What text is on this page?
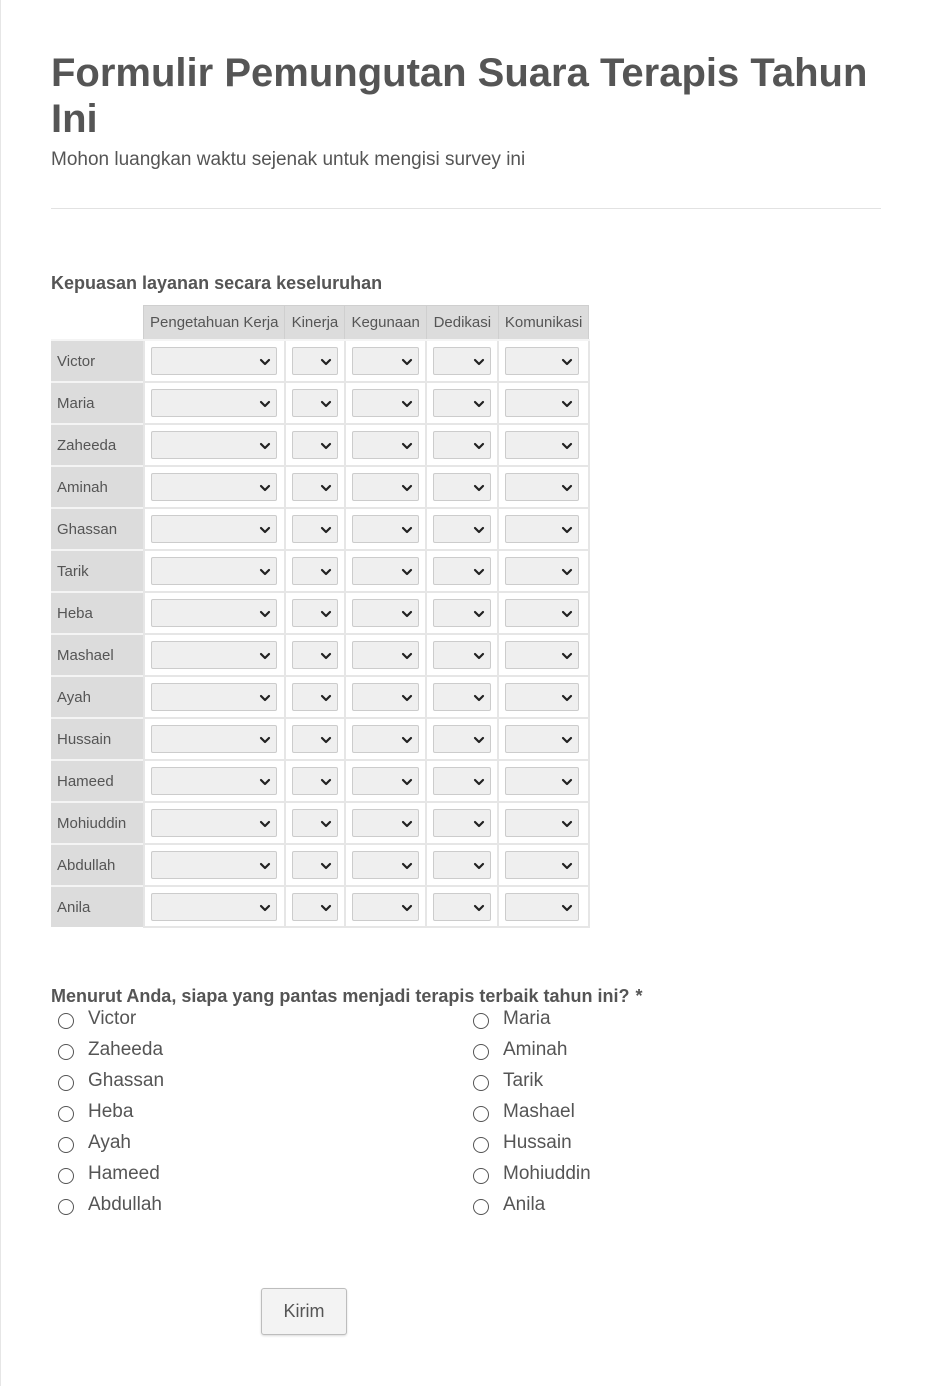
Formulir Pemungutan Suara Terapis Tahun Ini
Mohon luangkan waktu sejenak untuk mengisi survey ini
Kepuasan layanan secara keseluruhan
	Pengetahuan Kerja	Kinerja	Kegunaan	Dedikasi	Komunikasi
Victor	

Maria	

Zaheeda	

Aminah	

Ghassan	

Tarik	

Heba	

Mashael	

Ayah	

Hussain	

Hameed	

Mohiuddin	

Abdullah	

Anila	

Menurut Anda, siapa yang pantas menjadi terapis terbaik tahun ini? *
Victor	Maria
Zaheeda	Aminah
Ghassan	Tarik
Heba	Mashael
Ayah	Hussain
Hameed	Mohiuddin
Abdullah	Anila
Kirim
